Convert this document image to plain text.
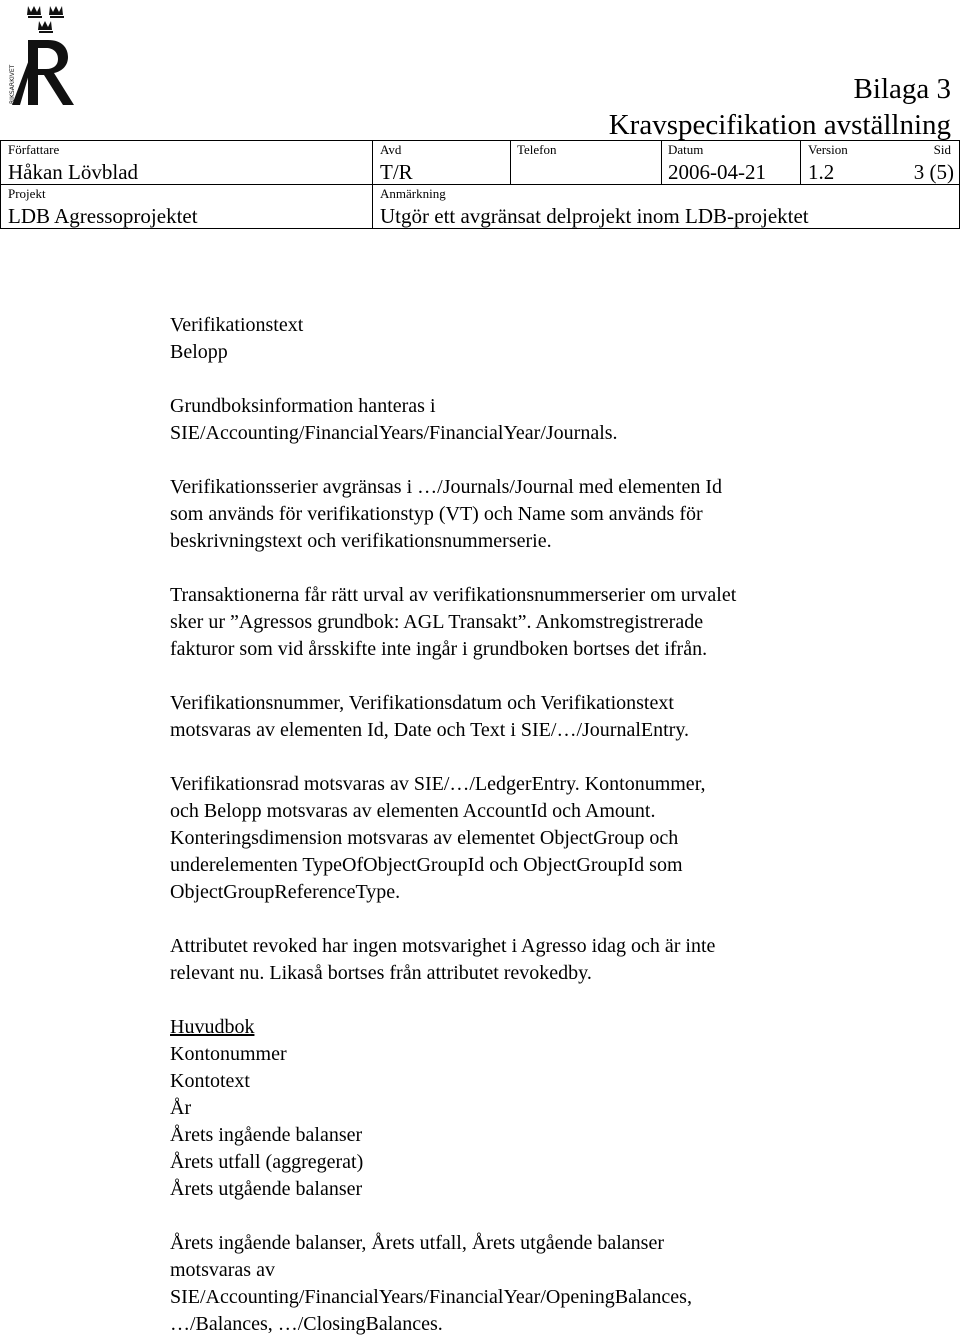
RIKSARKIVET	Bilaga 3
Kravspecifikation avställning
Författare
Håkan Lövblad
Avd
T/R
Telefon	Datum
2006-04-21
Version
1.2
Sid
3 (5)
Projekt
LDB Agressoprojektet
Anmärkning
Utgör ett avgränsat delprojekt inom LDB-projektet

Verifikationstext

Belopp

Grundboksinformation hanteras i

SIE/Accounting/FinancialYears/FinancialYear/Journals.

Verifikationsserier avgränsas i …/Journals/Journal med elementen Id

som används för verifikationstyp (VT) och Name som används för

beskrivningstext och verifikationsnummerserie.

Transaktionerna får rätt urval av verifikationsnummerserier om urvalet

sker ur ”Agressos grundbok: AGL Transakt”. Ankomstregistrerade

fakturor som vid årsskifte inte ingår i grundboken bortses det ifrån.

Verifikationsnummer, Verifikationsdatum och Verifikationstext

motsvaras av elementen Id, Date och Text i SIE/…/JournalEntry.

Verifikationsrad motsvaras av SIE/…/LedgerEntry. Kontonummer,

och Belopp motsvaras av elementen AccountId och Amount.

Konteringsdimension motsvaras av elementet ObjectGroup och

underelementen TypeOfObjectGroupId och ObjectGroupId som

ObjectGroupReferenceType.

Attributet revoked har ingen motsvarighet i Agresso idag och är inte

relevant nu. Likaså bortses från attributet revokedby.

Huvudbok

Kontonummer

Kontotext

År

Årets ingående balanser

Årets utfall (aggregerat)

Årets utgående balanser

Årets ingående balanser, Årets utfall, Årets utgående balanser

motsvaras av

SIE/Accounting/FinancialYears/FinancialYear/OpeningBalances,

…/Balances, …/ClosingBalances.
